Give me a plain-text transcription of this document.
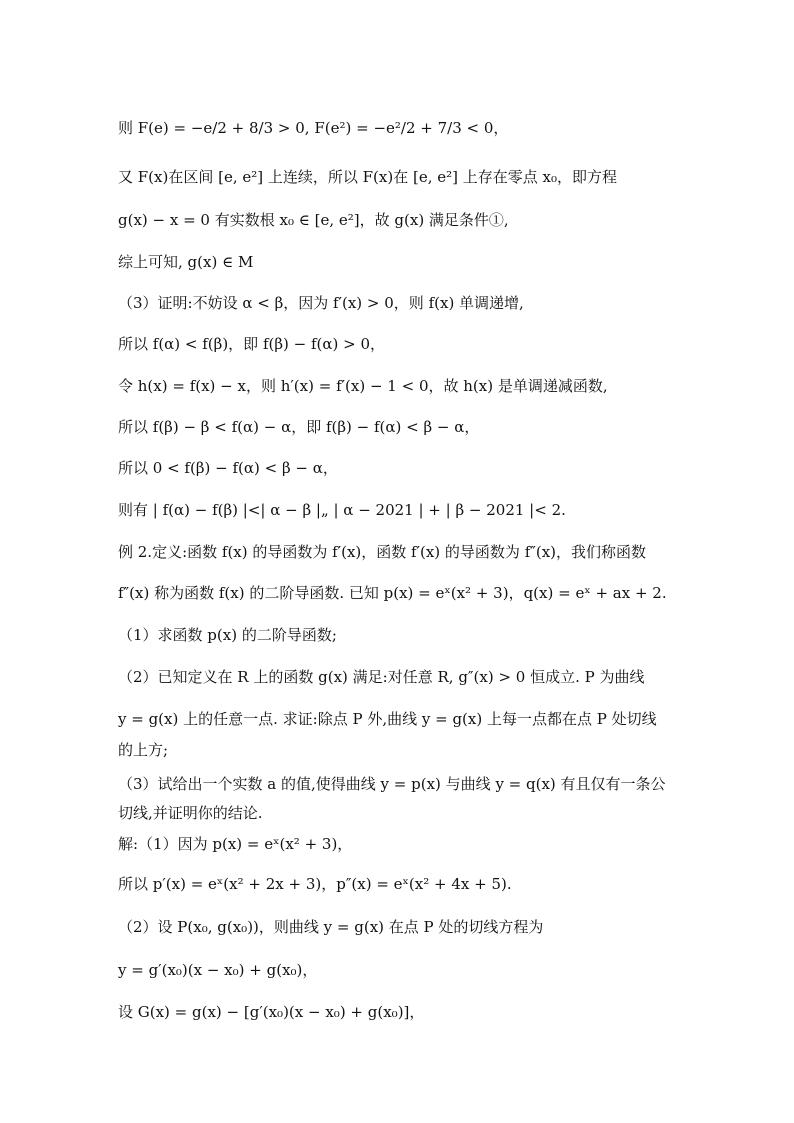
则 F(e) = −e/2 + 8/3 > 0, F(e²) = −e²/2 + 7/3 < 0，
又 F(x)在区间 [e, e²] 上连续，所以 F(x)在 [e, e²] 上存在零点 x₀，即方程
g(x) − x = 0 有实数根 x₀ ∈ [e, e²]，故 g(x) 满足条件①,
综上可知, g(x) ∈ M
（3）证明:不妨设 α < β，因为 f′(x) > 0，则 f(x) 单调递增,
所以 f(α) < f(β)，即 f(β) − f(α) > 0，
令 h(x) = f(x) − x，则 h′(x) = f′(x) − 1 < 0，故 h(x) 是单调递减函数,
所以 f(β) − β < f(α) − α，即 f(β) − f(α) < β − α，
所以 0 < f(β) − f(α) < β − α，
则有 | f(α) − f(β) |<| α − β |„ | α − 2021 | + | β − 2021 |< 2.
例 2.定义:函数 f(x) 的导函数为 f′(x)，函数 f′(x) 的导函数为 f″(x)，我们称函数
f″(x) 称为函数 f(x) 的二阶导函数. 已知 p(x) = eˣ(x² + 3)，q(x) = eˣ + ax + 2.
（1）求函数 p(x) 的二阶导函数;
（2）已知定义在 R 上的函数 g(x) 满足:对任意 R, g″(x) > 0 恒成立. P 为曲线
y = g(x) 上的任意一点. 求证:除点 P 外,曲线 y = g(x) 上每一点都在点 P 处切线
的上方;
（3）试给出一个实数 a 的值,使得曲线 y = p(x) 与曲线 y = q(x) 有且仅有一条公
切线,并证明你的结论.
解:（1）因为 p(x) = eˣ(x² + 3)，
所以 p′(x) = eˣ(x² + 2x + 3)，p″(x) = eˣ(x² + 4x + 5).
（2）设 P(x₀, g(x₀))，则曲线 y = g(x) 在点 P 处的切线方程为
y = g′(x₀)(x − x₀) + g(x₀)，
设 G(x) = g(x) − [g′(x₀)(x − x₀) + g(x₀)]，
